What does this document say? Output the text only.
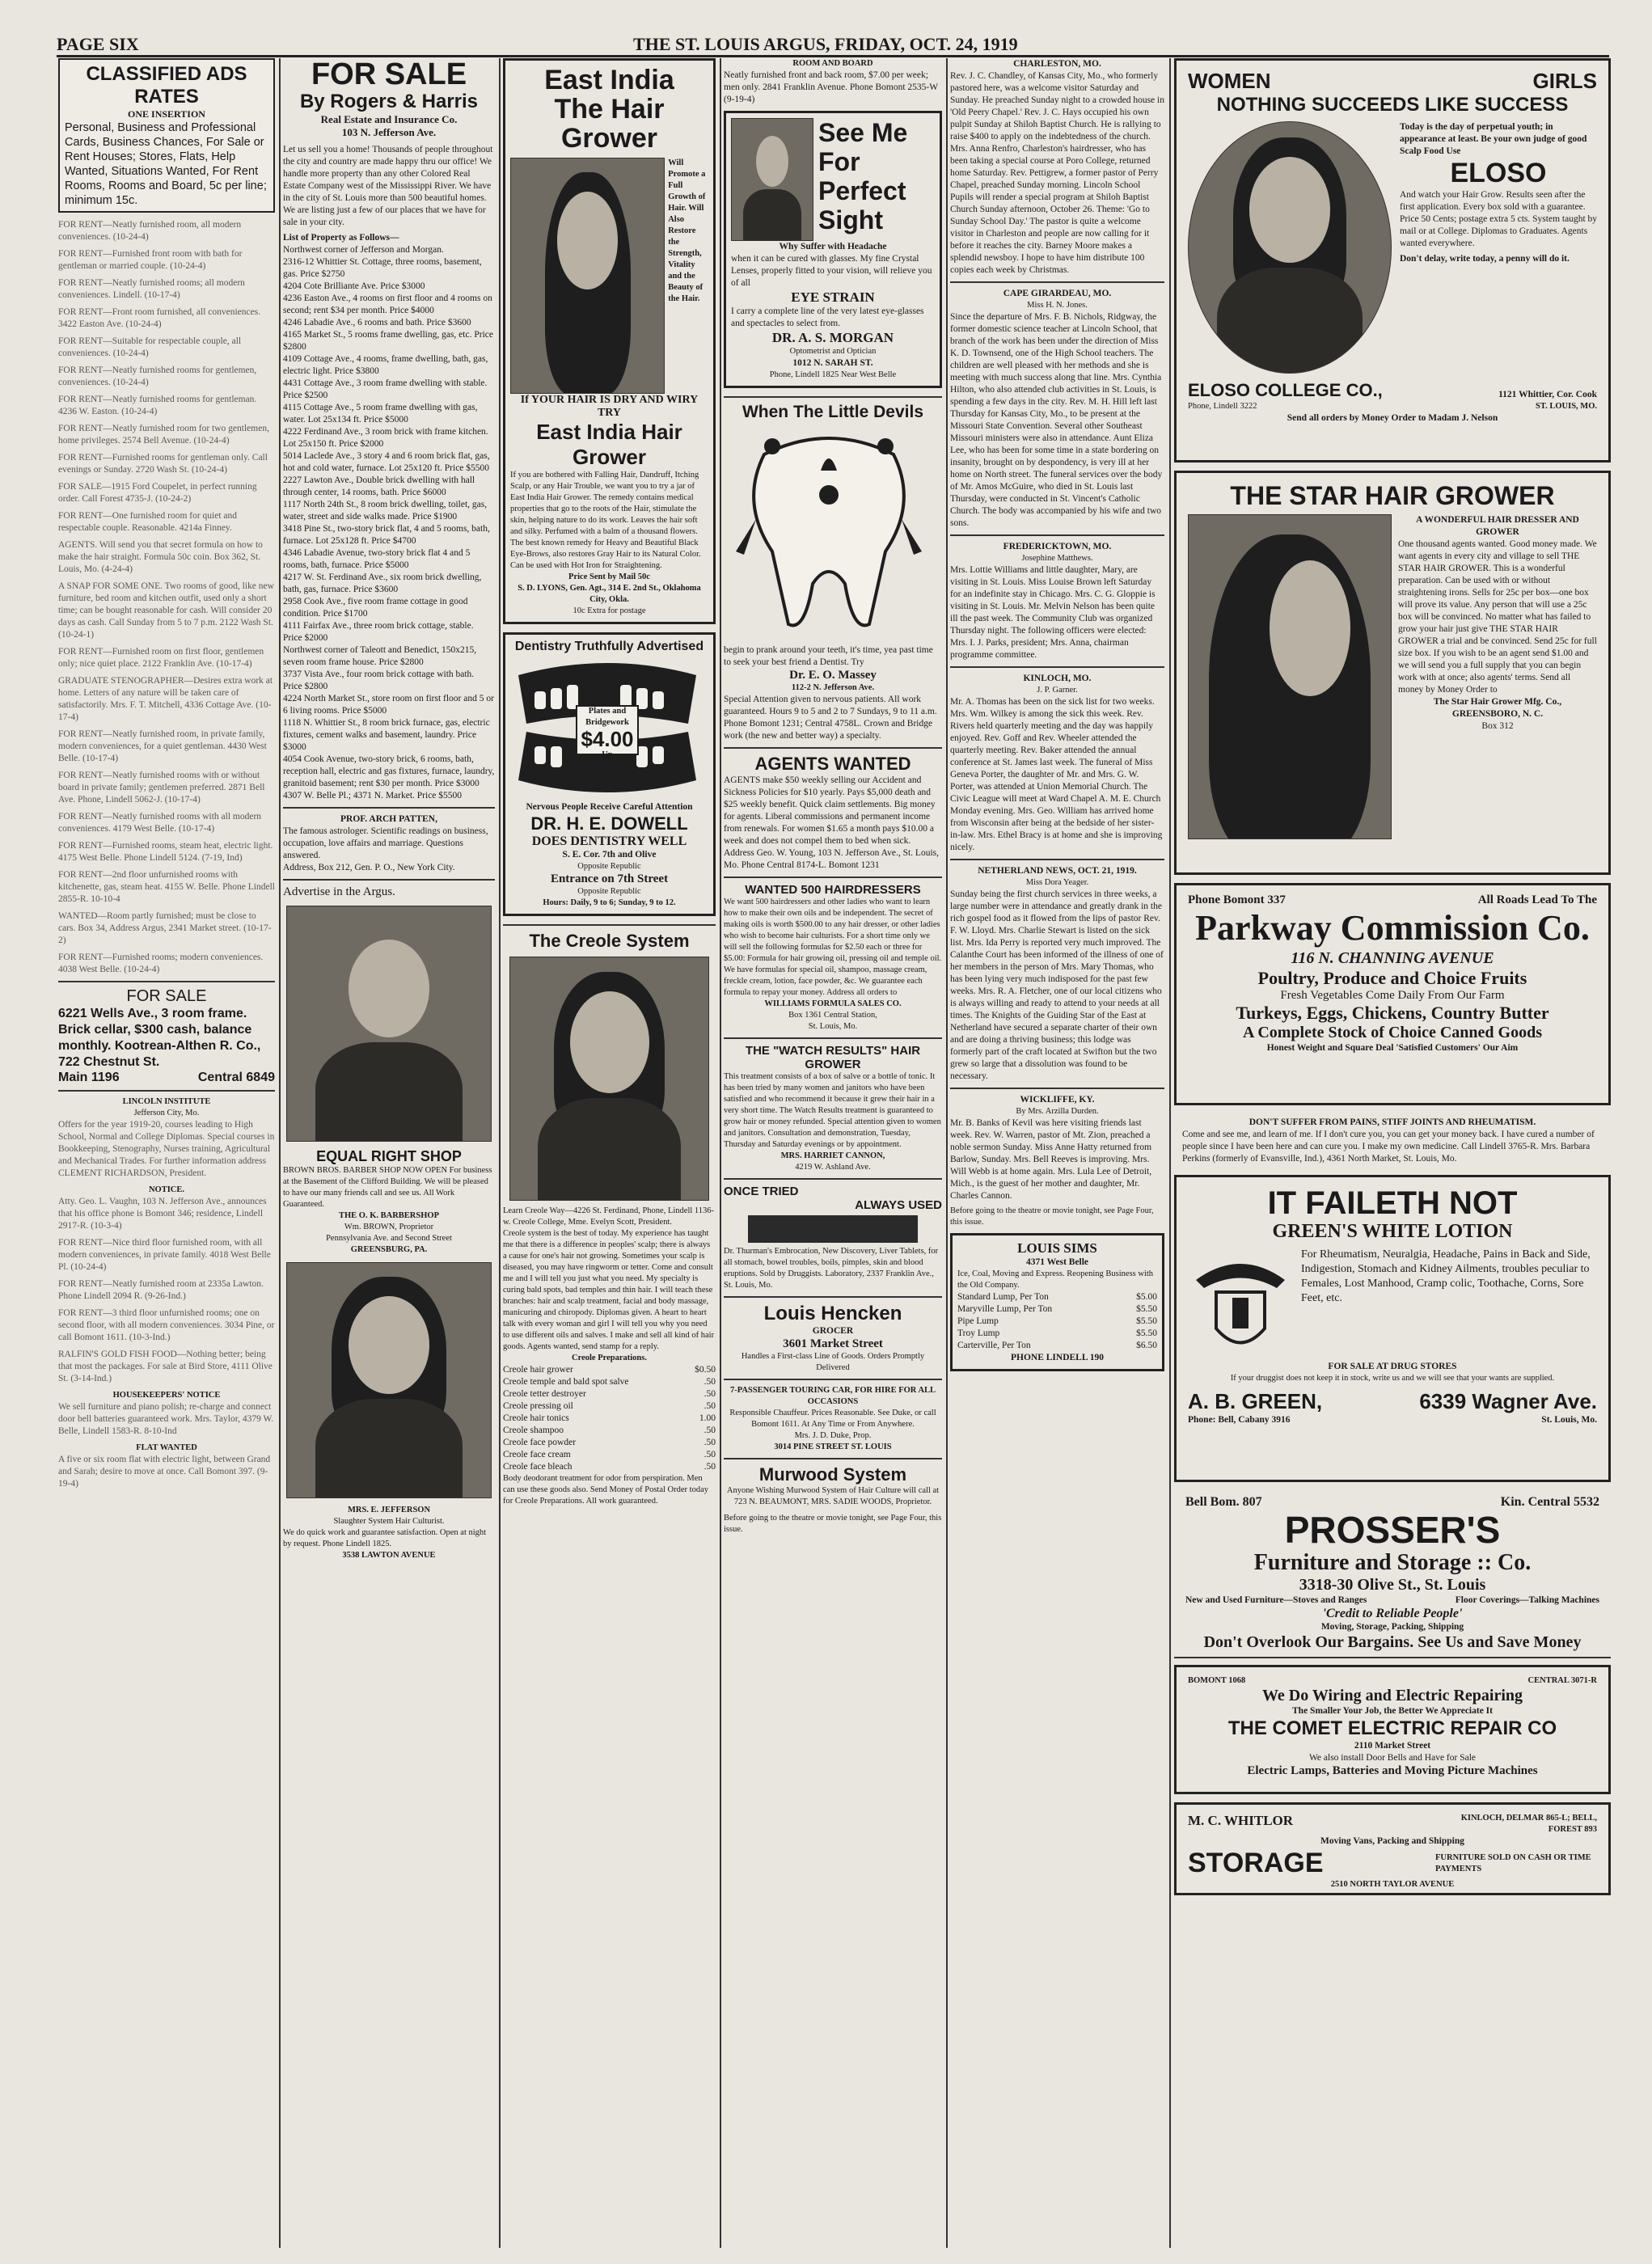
PAGE SIX	THE ST. LOUIS ARGUS, FRIDAY, OCT. 24, 1919
CLASSIFIED ADS
RATES
ONE INSERTION
Personal, Business and Professional Cards, Business Chances, For Sale or Rent Houses; Stores, Flats, Help Wanted, Situations Wanted, For Rent Rooms, Rooms and Board, 5c per line; minimum 15c.

FOR RENT—Neatly furnished room, all modern conveniences. (10-24-4)

FOR RENT—Furnished front room with bath for gentleman or married couple. (10-24-4)

FOR RENT—Neatly furnished rooms; all modern conveniences. Lindell. (10-17-4)

FOR RENT—Front room furnished, all conveniences. 3422 Easton Ave. (10-24-4)

FOR RENT—Suitable for respectable couple, all conveniences. (10-24-4)

FOR RENT—Neatly furnished rooms for gentlemen, conveniences. (10-24-4)

FOR RENT—Neatly furnished rooms for gentleman. 4236 W. Easton. (10-24-4)

FOR RENT—Neatly furnished room for two gentlemen, home privileges. 2574 Bell Avenue. (10-24-4)

FOR RENT—Furnished rooms for gentleman only. Call evenings or Sunday. 2720 Wash St. (10-24-4)

FOR SALE—1915 Ford Coupelet, in perfect running order. Call Forest 4735-J. (10-24-2)

FOR RENT—One furnished room for quiet and respectable couple. Reasonable. 4214a Finney.

AGENTS. Will send you that secret formula on how to make the hair straight. Formula 50c coin. Box 362, St. Louis, Mo. (4-24-4)

A SNAP FOR SOME ONE. Two rooms of good, like new furniture, bed room and kitchen outfit, used only a short time; can be bought reasonable for cash. Will consider 20 days as cash. Call Sunday from 5 to 7 p.m. 2122 Wash St. (10-24-1)

FOR RENT—Furnished room on first floor, gentlemen only; nice quiet place. 2122 Franklin Ave. (10-17-4)

GRADUATE STENOGRAPHER—Desires extra work at home. Letters of any nature will be taken care of satisfactorily. Mrs. F. T. Mitchell, 4336 Cottage Ave. (10-17-4)

FOR RENT—Neatly furnished room, in private family, modern conveniences, for a quiet gentleman. 4430 West Belle. (10-17-4)

FOR RENT—Neatly furnished rooms with or without board in private family; gentlemen preferred. 2871 Bell Ave. Phone, Lindell 5062-J. (10-17-4)

FOR RENT—Neatly furnished rooms with all modern conveniences. 4179 West Belle. (10-17-4)

FOR RENT—Furnished rooms, steam heat, electric light. 4175 West Belle. Phone Lindell 5124. (7-19, Ind)

FOR RENT—2nd floor unfurnished rooms with kitchenette, gas, steam heat. 4155 W. Belle. Phone Lindell 2855-R. 10-10-4

WANTED—Room partly furnished; must be close to cars. Box 34, Address Argus, 2341 Market street. (10-17-2)

FOR RENT—Furnished rooms; modern conveniences. 4038 West Belle. (10-24-4)

FOR SALE
6221 Wells Ave., 3 room frame. Brick cellar, $300 cash, balance monthly. Kootrean-Althen R. Co., 722 Chestnut St.
Main 1196	Central 6849
LINCOLN INSTITUTE
Jefferson City, Mo.

Offers for the year 1919-20, courses leading to High School, Normal and College Diplomas. Special courses in Bookkeeping, Stenography, Nurses training, Agricultural and Mechanical Trades. For further information address CLEMENT RICHARDSON, President.

NOTICE.

Atty. Geo. L. Vaughn, 103 N. Jefferson Ave., announces that his office phone is Bomont 346; residence, Lindell 2917-R. (10-3-4)

FOR RENT—Nice third floor furnished room, with all modern conveniences, in private family. 4018 West Belle Pl. (10-24-4)

FOR RENT—Neatly furnished room at 2335a Lawton. Phone Lindell 2094 R. (9-26-Ind.)

FOR RENT—3 third floor unfurnished rooms; one on second floor, with all modern conveniences. 3034 Pine, or call Bomont 1611. (10-3-Ind.)

RALFIN'S GOLD FISH FOOD—Nothing better; being that most the packages. For sale at Bird Store, 4111 Olive St. (3-14-Ind.)

HOUSEKEEPERS' NOTICE

We sell furniture and piano polish; re-charge and connect door bell batteries guaranteed work. Mrs. Taylor, 4379 W. Belle, Lindell 1583-R. 8-10-Ind

FLAT WANTED

A five or six room flat with electric light, between Grand and Sarah; desire to move at once. Call Bomont 397. (9-19-4)

FOR SALE
By Rogers & Harris
Real Estate and Insurance Co.
103 N. Jefferson Ave.
Let us sell you a home! Thousands of people throughout the city and country are made happy thru our office! We handle more property than any other Colored Real Estate Company west of the Mississippi River. We have in the city of St. Louis more than 500 beautiful homes. We are listing just a few of our places that we have for sale in your city.
List of Property as Follows—
Northwest corner of Jefferson and Morgan.
2316-12 Whittier St. Cottage, three rooms, basement, gas. Price $2750
4204 Cote Brilliante Ave. Price $3000
4236 Easton Ave., 4 rooms on first floor and 4 rooms on second; rent $34 per month. Price $4000
4246 Labadie Ave., 6 rooms and bath. Price $3600
4165 Market St., 5 rooms frame dwelling, gas, etc. Price $2800
4109 Cottage Ave., 4 rooms, frame dwelling, bath, gas, electric light. Price $3800
4431 Cottage Ave., 3 room frame dwelling with stable. Price $2500
4115 Cottage Ave., 5 room frame dwelling with gas, water. Lot 25x134 ft. Price $5000
4222 Ferdinand Ave., 3 room brick with frame kitchen. Lot 25x150 ft. Price $2000
5014 Laclede Ave., 3 story 4 and 6 room brick flat, gas, hot and cold water, furnace. Lot 25x120 ft. Price $5500
2227 Lawton Ave., Double brick dwelling with hall through center, 14 rooms, bath. Price $6000
1117 North 24th St., 8 room brick dwelling, toilet, gas, water, street and side walks made. Price $1900
3418 Pine St., two-story brick flat, 4 and 5 rooms, bath, furnace. Lot 25x128 ft. Price $4700
4346 Labadie Avenue, two-story brick flat 4 and 5 rooms, bath, furnace. Price $5000
4217 W. St. Ferdinand Ave., six room brick dwelling, bath, gas, furnace. Price $3600
2958 Cook Ave., five room frame cottage in good condition. Price $1700
4111 Fairfax Ave., three room brick cottage, stable. Price $2000
Northwest corner of Taleott and Benedict, 150x215, seven room frame house. Price $2800
3737 Vista Ave., four room brick cottage with bath. Price $2800
4224 North Market St., store room on first floor and 5 or 6 living rooms. Price $5000
1118 N. Whittier St., 8 room brick furnace, gas, electric fixtures, cement walks and basement, laundry. Price $3000
4054 Cook Avenue, two-story brick, 6 rooms, bath, reception hall, electric and gas fixtures, furnace, laundry, granitoid basement; rent $30 per month. Price $3000
4307 W. Belle Pl.; 4371 N. Market. Price $5500
PROF. ARCH PATTEN,
The famous astrologer. Scientific readings on business, occupation, love affairs and marriage. Questions answered.
Address, Box 212, Gen. P. O., New York City.
Advertise in the Argus.
EQUAL RIGHT SHOP
BROWN BROS. BARBER SHOP NOW OPEN For business at the Basement of the Clifford Building. We will be pleased to have our many friends call and see us. All Work Guaranteed.
THE O. K. BARBERSHOP
Wm. BROWN, Proprietor
Pennsylvania Ave. and Second Street
GREENSBURG, PA.
MRS. E. JEFFERSON
Slaughter System Hair Culturist.
We do quick work and guarantee satisfaction. Open at night by request. Phone Lindell 1825.
3538 LAWTON AVENUE
East India
The Hair Grower
Will Promote a Full Growth of Hair. Will Also Restore the Strength, Vitality and the Beauty of the Hair.
If YOUR HAIR IS DRY AND WIRY TRY
East India Hair Grower
If you are bothered with Falling Hair, Dandruff, Itching Scalp, or any Hair Trouble, we want you to try a jar of East India Hair Grower. The remedy contains medical properties that go to the roots of the Hair, stimulate the skin, helping nature to do its work. Leaves the hair soft and silky. Perfumed with a balm of a thousand flowers. The best known remedy for Heavy and Beautiful Black Eye-Brows, also restores Gray Hair to its Natural Color. Can be used with Hot Iron for Straightening.
Price Sent by Mail 50c
S. D. LYONS, Gen. Agt., 314 E. 2nd St., Oklahoma City, Okla.
10c Extra for postage
Dentistry Truthfully Advertised
Plates and Bridgework
$4.00
Up
Nervous People Receive Careful Attention
DR. H. E. DOWELL
DOES DENTISTRY WELL
S. E. Cor. 7th and Olive
Opposite Republic
Entrance on 7th Street
Opposite Republic
Hours: Daily, 9 to 6; Sunday, 9 to 12.
The Creole System
Learn Creole Way—4226 St. Ferdinand, Phone, Lindell 1136-w. Creole College, Mme. Evelyn Scott, President.
Creole system is the best of today. My experience has taught me that there is a difference in peoples' scalp; there is always a cause for one's hair not growing. Sometimes your scalp is diseased, you may have ringworm or tetter. Come and consult me and I will tell you just what you need. My specialty is curing bald spots, bad temples and thin hair. I will teach these branches: hair and scalp treatment, facial and body massage, manicuring and chiropody. Diplomas given. A heart to heart talk with every woman and girl I will tell you why you need to use different oils and salves. I make and sell all kind of hair goods. Agents wanted, send stamp for a reply.
Creole Preparations.
Creole hair grower	$0.50
Creole temple and bald spot salve	.50
Creole tetter destroyer	.50
Creole pressing oil	.50
Creole hair tonics	1.00
Creole shampoo	.50
Creole face powder	.50
Creole face cream	.50
Creole face bleach	.50
Body deodorant treatment for odor from perspiration. Men can use these goods also. Send Money of Postal Order today for Creole Preparations. All work guaranteed.
ROOM AND BOARD
Neatly furnished front and back room, $7.00 per week; men only. 2841 Franklin Avenue. Phone Bomont 2535-W (9-19-4)
See Me
For
Perfect
Sight
Why Suffer with Headache
when it can be cured with glasses. My fine Crystal Lenses, properly fitted to your vision, will relieve you of all
EYE STRAIN
I carry a complete line of the very latest eye-glasses and spectacles to select from.
DR. A. S. MORGAN
Optometrist and Optician
1012 N. SARAH ST.
Phone, Lindell 1825 Near West Belle
When The Little Devils
begin to prank around your teeth, it's time, yea past time to seek your best friend a Dentist. Try
Dr. E. O. Massey
112-2 N. Jefferson Ave.
Special Attention given to nervous patients. All work guaranteed. Hours 9 to 5 and 2 to 7 Sundays, 9 to 11 a.m. Phone Bomont 1231; Central 4758L. Crown and Bridge work (the new and better way) a specialty.
AGENTS WANTED
AGENTS make $50 weekly selling our Accident and Sickness Policies for $10 yearly. Pays $5,000 death and $25 weekly benefit. Quick claim settlements. Big money for agents. Liberal commissions and permanent income from renewals. For women $1.65 a month pays $10.00 a week and does not compel them to bed when sick. Address Geo. W. Young, 103 N. Jefferson Ave., St. Louis, Mo. Phone Central 8174-L. Bomont 1231
WANTED 500 HAIRDRESSERS
We want 500 hairdressers and other ladies who want to learn how to make their own oils and be independent. The secret of making oils is worth $500.00 to any hair dresser, or other ladies who wish to become hair culturists. For a short time only we will sell the following formulas for $2.50 each or three for $5.00: Formula for hair growing oil, pressing oil and temple oil. We have formulas for special oil, shampoo, massage cream, freckle cream, lotion, face powder, &c. We guarantee each formula to repay your money. Address all orders to
WILLIAMS FORMULA SALES CO.
Box 1361 Central Station,
St. Louis, Mo.
THE "WATCH RESULTS" HAIR GROWER
This treatment consists of a box of salve or a bottle of tonic. It has been tried by many women and janitors who have been satisfied and who recommend it because it grew their hair in a very short time. The Watch Results treatment is guaranteed to grow hair or money refunded. Special attention given to women and janitors. Consultation and demonstration, Tuesday, Thursday and Saturday evenings or by appointment.
MRS. HARRIET CANNON,
4219 W. Ashland Ave.
ONCE TRIED
ALWAYS USED
Dr. Thurman's Embrocation, New Discovery, Liver Tablets, for all stomach, bowel troubles, boils, pimples, skin and blood eruptions. Sold by Druggists. Laboratory, 2337 Franklin Ave., St. Louis, Mo.
Louis Hencken
GROCER
3601 Market Street
Handles a First-class Line of Goods. Orders Promptly Delivered
7-PASSENGER TOURING CAR, FOR HIRE FOR ALL OCCASIONS
Responsible Chauffeur. Prices Reasonable. See Duke, or call Bomont 1611. At Any Time or From Anywhere.
Mrs. J. D. Duke, Prop.
3014 PINE STREET ST. LOUIS
Murwood System
Anyone Wishing Murwood System of Hair Culture will call at 723 N. BEAUMONT, MRS. SADIE WOODS, Proprietor.
Before going to the theatre or movie tonight, see Page Four, this issue.
CHARLESTON, MO.
Rev. J. C. Chandley, of Kansas City, Mo., who formerly pastored here, was a welcome visitor Saturday and Sunday. He preached Sunday night to a crowded house in 'Old Peery Chapel.' Rev. J. C. Hays occupied his own pulpit Sunday at Shiloh Baptist Church. He is rallying to raise $400 to apply on the indebtedness of the church. Mrs. Anna Renfro, Charleston's hairdresser, who has been taking a special course at Poro College, returned home Saturday. Rev. Pettigrew, a former pastor of Perry Chapel, preached Sunday morning. Lincoln School Pupils will render a special program at Shiloh Baptist Church Sunday afternoon, October 26. Theme: 'Go to Sunday School Day.' The pastor is quite a welcome visitor in Charleston and people are now calling for it before it reaches the city. Barney Moore makes a splendid newsboy. I hope to have him distribute 100 copies each week by Christmas.
CAPE GIRARDEAU, MO.
Miss H. N. Jones.
Since the departure of Mrs. F. B. Nichols, Ridgway, the former domestic science teacher at Lincoln School, that branch of the work has been under the direction of Miss K. D. Townsend, one of the High School teachers. The children are well pleased with her methods and she is meeting with much success along that line. Mrs. Cynthia Hilton, who also attended club activities in St. Louis, is spending a few days in the city. Rev. M. H. Hill left last Thursday for Kansas City, Mo., to be present at the Missouri State Convention. Several other Southeast Missouri ministers were also in attendance. Aunt Eliza Lee, who has been for some time in a state bordering on insanity, brought on by despondency, is very ill at her home on North street. The funeral services over the body of Mr. Amos McGuire, who died in St. Louis last Thursday, were conducted in St. Vincent's Catholic Church. The body was accompanied by his wife and two sons.
FREDERICKTOWN, MO.
Josephine Matthews.
Mrs. Lottie Williams and little daughter, Mary, are visiting in St. Louis. Miss Louise Brown left Saturday for an indefinite stay in Chicago. Mrs. C. G. Gloppie is visiting in St. Louis. Mr. Melvin Nelson has been quite ill the past week. The Community Club was organized Thursday night. The following officers were elected: Mrs. I. J. Parks, president; Mrs. Anna, chairman programme committee.
KINLOCH, MO.
J. P. Garner.
Mr. A. Thomas has been on the sick list for two weeks. Mrs. Wm. Wilkey is among the sick this week. Rev. Rivers held quarterly meeting and the day was happily enjoyed. Rev. Goff and Rev. Wheeler attended the quarterly meeting. Rev. Baker attended the annual conference at St. James last week. The funeral of Miss Geneva Porter, the daughter of Mr. and Mrs. G. W. Porter, was attended at Union Memorial Church. The Civic League will meet at Ward Chapel A. M. E. Church Monday evening. Mrs. Geo. William has arrived home from Wisconsin after being at the bedside of her sister-in-law. Mrs. Ethel Bracy is at home and she is improving nicely.
NETHERLAND NEWS, OCT. 21, 1919.
Miss Dora Yeager.
Sunday being the first church services in three weeks, a large number were in attendance and greatly drank in the rich gospel food as it flowed from the lips of pastor Rev. F. W. Lloyd. Mrs. Charlie Stewart is listed on the sick list. Mrs. Ida Perry is reported very much improved. The Calanthe Court has been informed of the illness of one of her members in the person of Mrs. Mary Thomas, who has been lying very much indisposed for the past few weeks. Mrs. R. A. Fletcher, one of our local citizens who is always willing and ready to attend to your needs at all times. The Knights of the Guiding Star of the East at Netherland have secured a separate charter of their own and are doing a thriving business; this lodge was formerly part of the craft located at Swifton but the two grew so large that a dissolution was found to be necessary.
WICKLIFFE, KY.
By Mrs. Arzilla Durden.
Mr. B. Banks of Kevil was here visiting friends last week. Rev. W. Warren, pastor of Mt. Zion, preached a noble sermon Sunday. Miss Anne Hatty returned from Barlow, Sunday. Mrs. Bell Reeves is improving. Mrs. Will Webb is at home again. Mrs. Lula Lee of Detroit, Mich., is the guest of her mother and daughter, Mr. Charles Cannon.
Before going to the theatre or movie tonight, see Page Four, this issue.
LOUIS SIMS
4371 West Belle
Ice, Coal, Moving and Express. Reopening Business with the Old Company.
Standard Lump, Per Ton	$5.00
Maryville Lump, Per Ton	$5.50
Pipe Lump	$5.50
Troy Lump	$5.50
Carterville, Per Ton	$6.50
PHONE LINDELL 190
WOMEN	GIRLS
NOTHING SUCCEEDS LIKE SUCCESS
Today is the day of perpetual youth; in appearance at least. Be your own judge of good Scalp Food Use
ELOSO
And watch your Hair Grow. Results seen after the first application. Every box sold with a guarantee. Price 50 Cents; postage extra 5 cts. System taught by mail or at College. Diplomas to Graduates. Agents wanted everywhere.
Don't delay, write today, a penny will do it.
ELOSO COLLEGE CO.,	1121 Whittier, Cor. Cook
Phone, Lindell 3222	ST. LOUIS, MO.
Send all orders by Money Order to Madam J. Nelson
THE STAR HAIR GROWER
A WONDERFUL HAIR DRESSER AND GROWER
One thousand agents wanted. Good money made. We want agents in every city and village to sell THE STAR HAIR GROWER. This is a wonderful preparation. Can be used with or without straightening irons. Sells for 25c per box—one box will prove its value. Any person that will use a 25c box will be convinced. No matter what has failed to grow your hair just give THE STAR HAIR GROWER a trial and be convinced. Send 25c for full size box. If you wish to be an agent send $1.00 and we will send you a full supply that you can begin work with at once; also agents' terms. Send all money by Money Order to
The Star Hair Grower Mfg. Co.,
GREENSBORO, N. C.
Box 312
Phone Bomont 337	All Roads Lead To The
Parkway Commission Co.
116 N. CHANNING AVENUE
Poultry, Produce and Choice Fruits
Fresh Vegetables Come Daily From Our Farm
Turkeys, Eggs, Chickens, Country Butter
A Complete Stock of Choice Canned Goods
Honest Weight and Square Deal 'Satisfied Customers' Our Aim
DON'T SUFFER FROM PAINS, STIFF JOINTS AND RHEUMATISM.
Come and see me, and learn of me. If I don't cure you, you can get your money back. I have cured a number of people since I have been here and can cure you. I make my own medicine. Call Lindell 3765-R. Mrs. Barbara Perkins (formerly of Evansville, Ind.), 4361 North Market, St. Louis, Mo.
IT FAILETH NOT
GREEN'S WHITE LOTION
For Rheumatism, Neuralgia, Headache, Pains in Back and Side, Indigestion, Stomach and Kidney Ailments, troubles peculiar to Females, Lost Manhood, Cramp colic, Toothache, Corns, Sore Feet, etc.
FOR SALE AT DRUG STORES
If your druggist does not keep it in stock, write us and we will see that your wants are supplied.
A. B. GREEN,	6339 Wagner Ave.
Phone: Bell, Cabany 3916	St. Louis, Mo.
Bell Bom. 807	Kin. Central 5532
PROSSER'S
Furniture and Storage :: Co.
3318-30 Olive St., St. Louis
New and Used Furniture—Stoves and Ranges	Floor Coverings—Talking Machines
'Credit to Reliable People'
Moving, Storage, Packing, Shipping
Don't Overlook Our Bargains. See Us and Save Money
BOMONT 1068	CENTRAL 3071-R
We Do Wiring and Electric Repairing
The Smaller Your Job, the Better We Appreciate It
THE COMET ELECTRIC REPAIR CO
2110 Market Street
We also install Door Bells and Have for Sale
Electric Lamps, Batteries and Moving Picture Machines
M. C. WHITLOR	KINLOCH, DELMAR 865-L; BELL, FOREST 893
Moving Vans, Packing and Shipping
STORAGE	FURNITURE SOLD ON CASH OR TIME PAYMENTS
2510 NORTH TAYLOR AVENUE
